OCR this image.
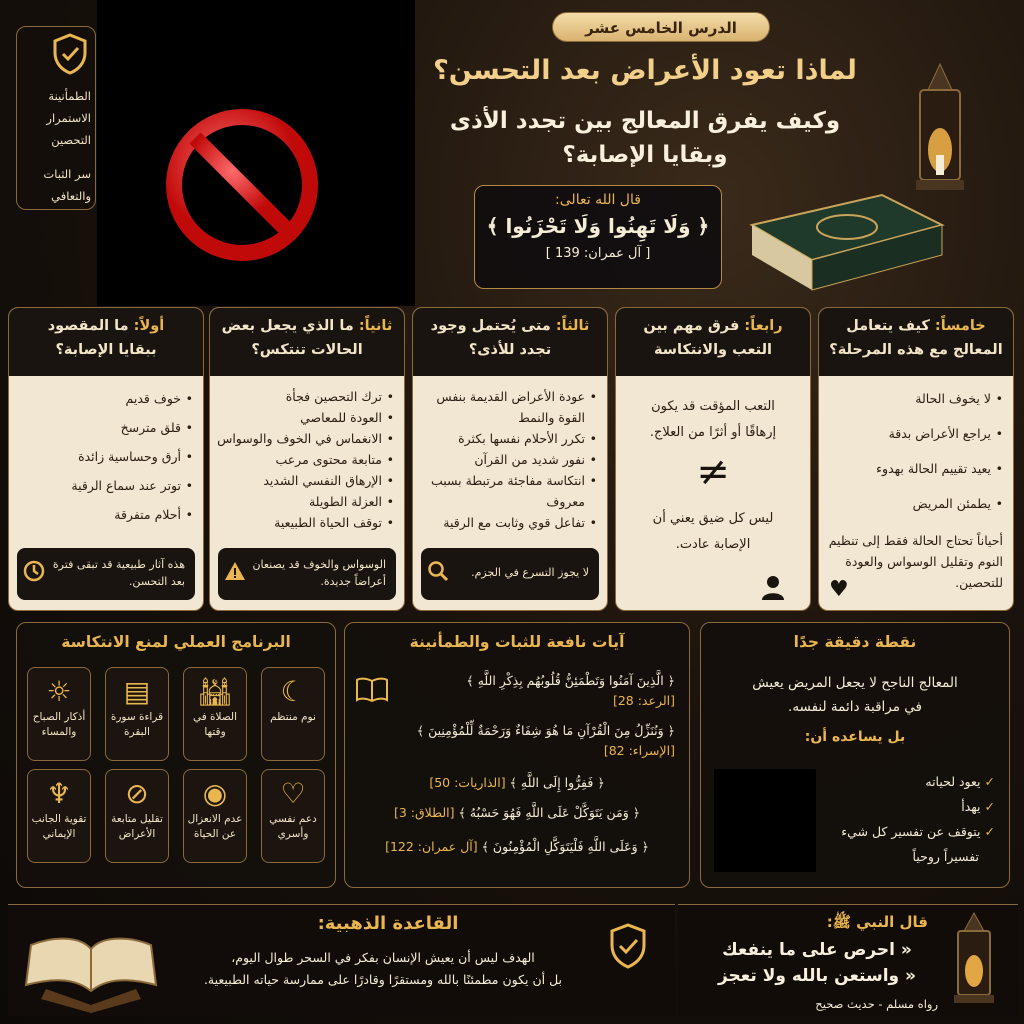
الطمأنينة
الاستمرار
التحصين
سر الثبات
والتعافي
الدرس الخامس عشر
لماذا تعود الأعراض بعد التحسن؟
وكيف يفرق المعالج بين تجدد الأذى
وبقايا الإصابة؟
قال الله تعالى:
﴿ وَلَا تَهِنُوا وَلَا تَحْزَنُوا ﴾
[ آل عمران: 139 ]
خامساً: كيف يتعامل
المعالج مع هذه المرحلة؟
• لا يخوف الحالة
• يراجع الأعراض بدقة
• يعيد تقييم الحالة بهدوء
• يطمئن المريض
أحياناً تحتاج الحالة فقط إلى تنظيم النوم وتقليل الوسواس والعودة للتحصين.
♥
رابعاً: فرق مهم بين
التعب والانتكاسة
التعب المؤقت قد يكون إرهاقًا أو أثرًا من العلاج.
≠
ليس كل ضيق يعني أن الإصابة عادت.
ثالثاً: متى يُحتمل وجود
تجدد للأذى؟
• عودة الأعراض القديمة بنفس القوة والنمط
• تكرر الأحلام نفسها بكثرة
• نفور شديد من القرآن
• انتكاسة مفاجئة مرتبطة بسبب معروف
• تفاعل قوي وثابت مع الرقية
لا يجوز التسرع في الجزم.
ثانياً: ما الذي يجعل بعض
الحالات تنتكس؟
• ترك التحصين فجأة
• العودة للمعاصي
• الانغماس في الخوف والوسواس
• متابعة محتوى مرعب
• الإرهاق النفسي الشديد
• العزلة الطويلة
• توقف الحياة الطبيعية
الوسواس والخوف قد يصنعان أعراضاً جديدة.
أولاً: ما المقصود
ببقايا الإصابة؟
• خوف قديم
• قلق مترسخ
• أرق وحساسية زائدة
• توتر عند سماع الرقية
• أحلام متفرقة
هذه آثار طبيعية قد تبقى فترة بعد التحسن.
البرنامج العملي لمنع الانتكاسة
☾
نوم منتظم
🕌︎
الصلاة في وقتها
▤
قراءة سورة البقرة
☼
أذكار الصباح والمساء
♡
دعم نفسي وأسري
◉
عدم الانعزال عن الحياة
⊘
تقليل متابعة الأعراض
♆
تقوية الجانب الإيماني
آيات نافعة للثبات والطمأنينة
﴿ الَّذِينَ آمَنُوا وَتَطْمَئِنُّ قُلُوبُهُم بِذِكْرِ اللَّهِ ﴾
[الرعد: 28]
﴿ وَنُنَزِّلُ مِنَ الْقُرْآنِ مَا هُوَ شِفَاءٌ وَرَحْمَةٌ لِّلْمُؤْمِنِينَ ﴾
[الإسراء: 82]
﴿ فَفِرُّوا إِلَى اللَّهِ ﴾ [الذاريات: 50]
﴿ وَمَن يَتَوَكَّلْ عَلَى اللَّهِ فَهُوَ حَسْبُهُ ﴾ [الطلاق: 3]
﴿ وَعَلَى اللَّهِ فَلْيَتَوَكَّلِ الْمُؤْمِنُونَ ﴾ [آل عمران: 122]
نقطة دقيقة جدًا
المعالج الناجح لا يجعل المريض يعيش
في مراقبة دائمة لنفسه.
بل يساعده أن:
✓ يعود لحياته
✓ يهدأ
✓ يتوقف عن تفسير كل شيء
تفسيراً روحياً
القاعدة الذهبية:
الهدف ليس أن يعيش الإنسان بفكر في السحر طوال اليوم،
بل أن يكون مطمئنًا بالله ومستقرًا وقادرًا على ممارسة حياته الطبيعية.
قال النبي ﷺ:
« احرص على ما ينفعك
« واستعن بالله ولا تعجز
رواه مسلم - حديث صحيح
